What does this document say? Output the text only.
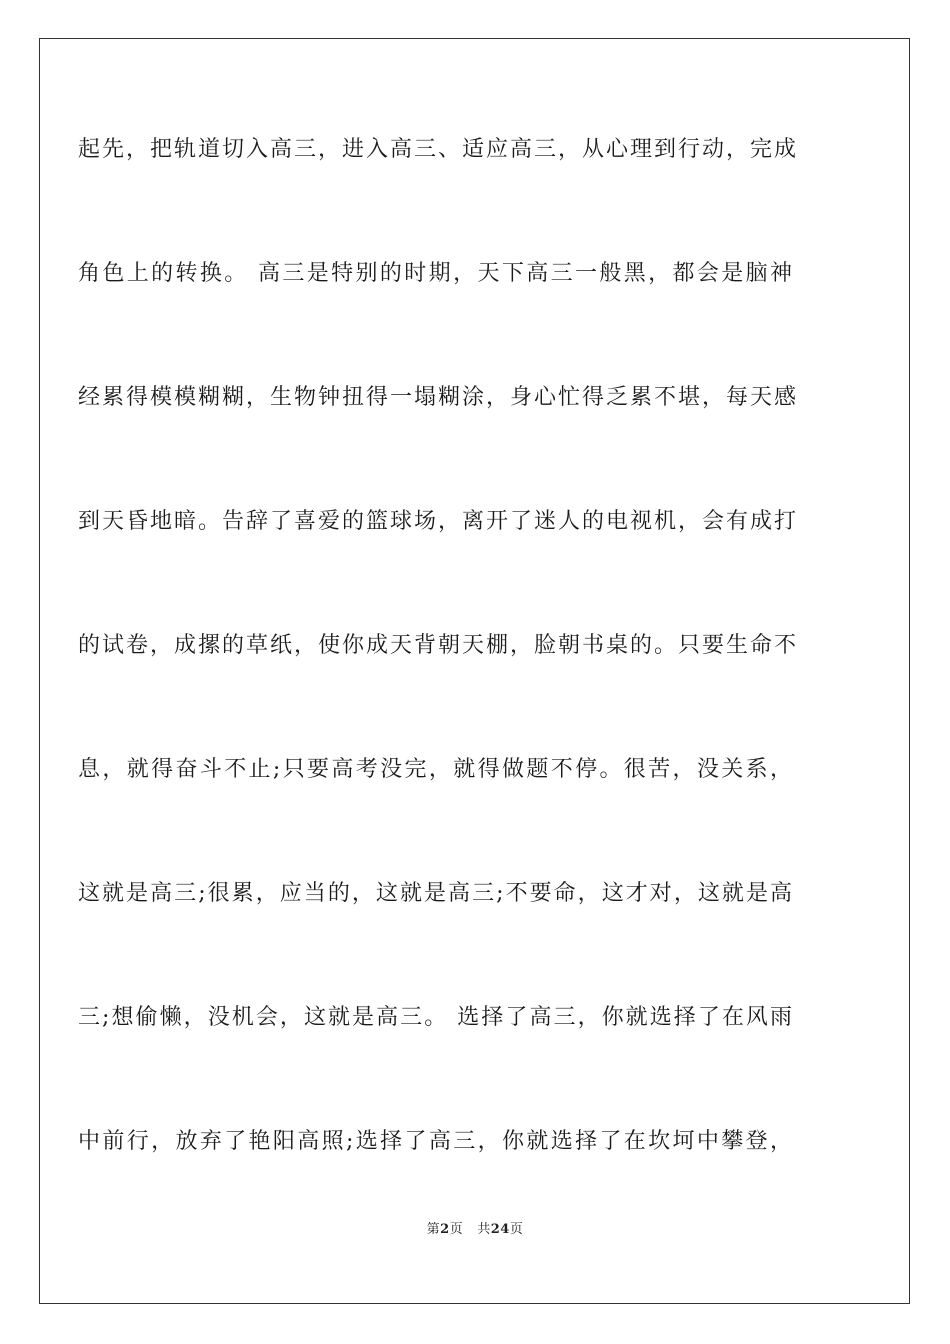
起先，把轨道切入高三，进入高三、适应高三，从心理到行动，完成
角色上的转换。 高三是特别的时期，天下高三一般黑，都会是脑神
经累得模模糊糊，生物钟扭得一塌糊涂，身心忙得乏累不堪，每天感
到天昏地暗。告辞了喜爱的篮球场，离开了迷人的电视机，会有成打
的试卷，成摞的草纸，使你成天背朝天棚，脸朝书桌的。只要生命不
息，就得奋斗不止;只要高考没完，就得做题不停。很苦，没关系，
这就是高三;很累，应当的，这就是高三;不要命，这才对，这就是高
三;想偷懒，没机会，这就是高三。 选择了高三，你就选择了在风雨
中前行，放弃了艳阳高照;选择了高三，你就选择了在坎坷中攀登，
第2页 共24页
